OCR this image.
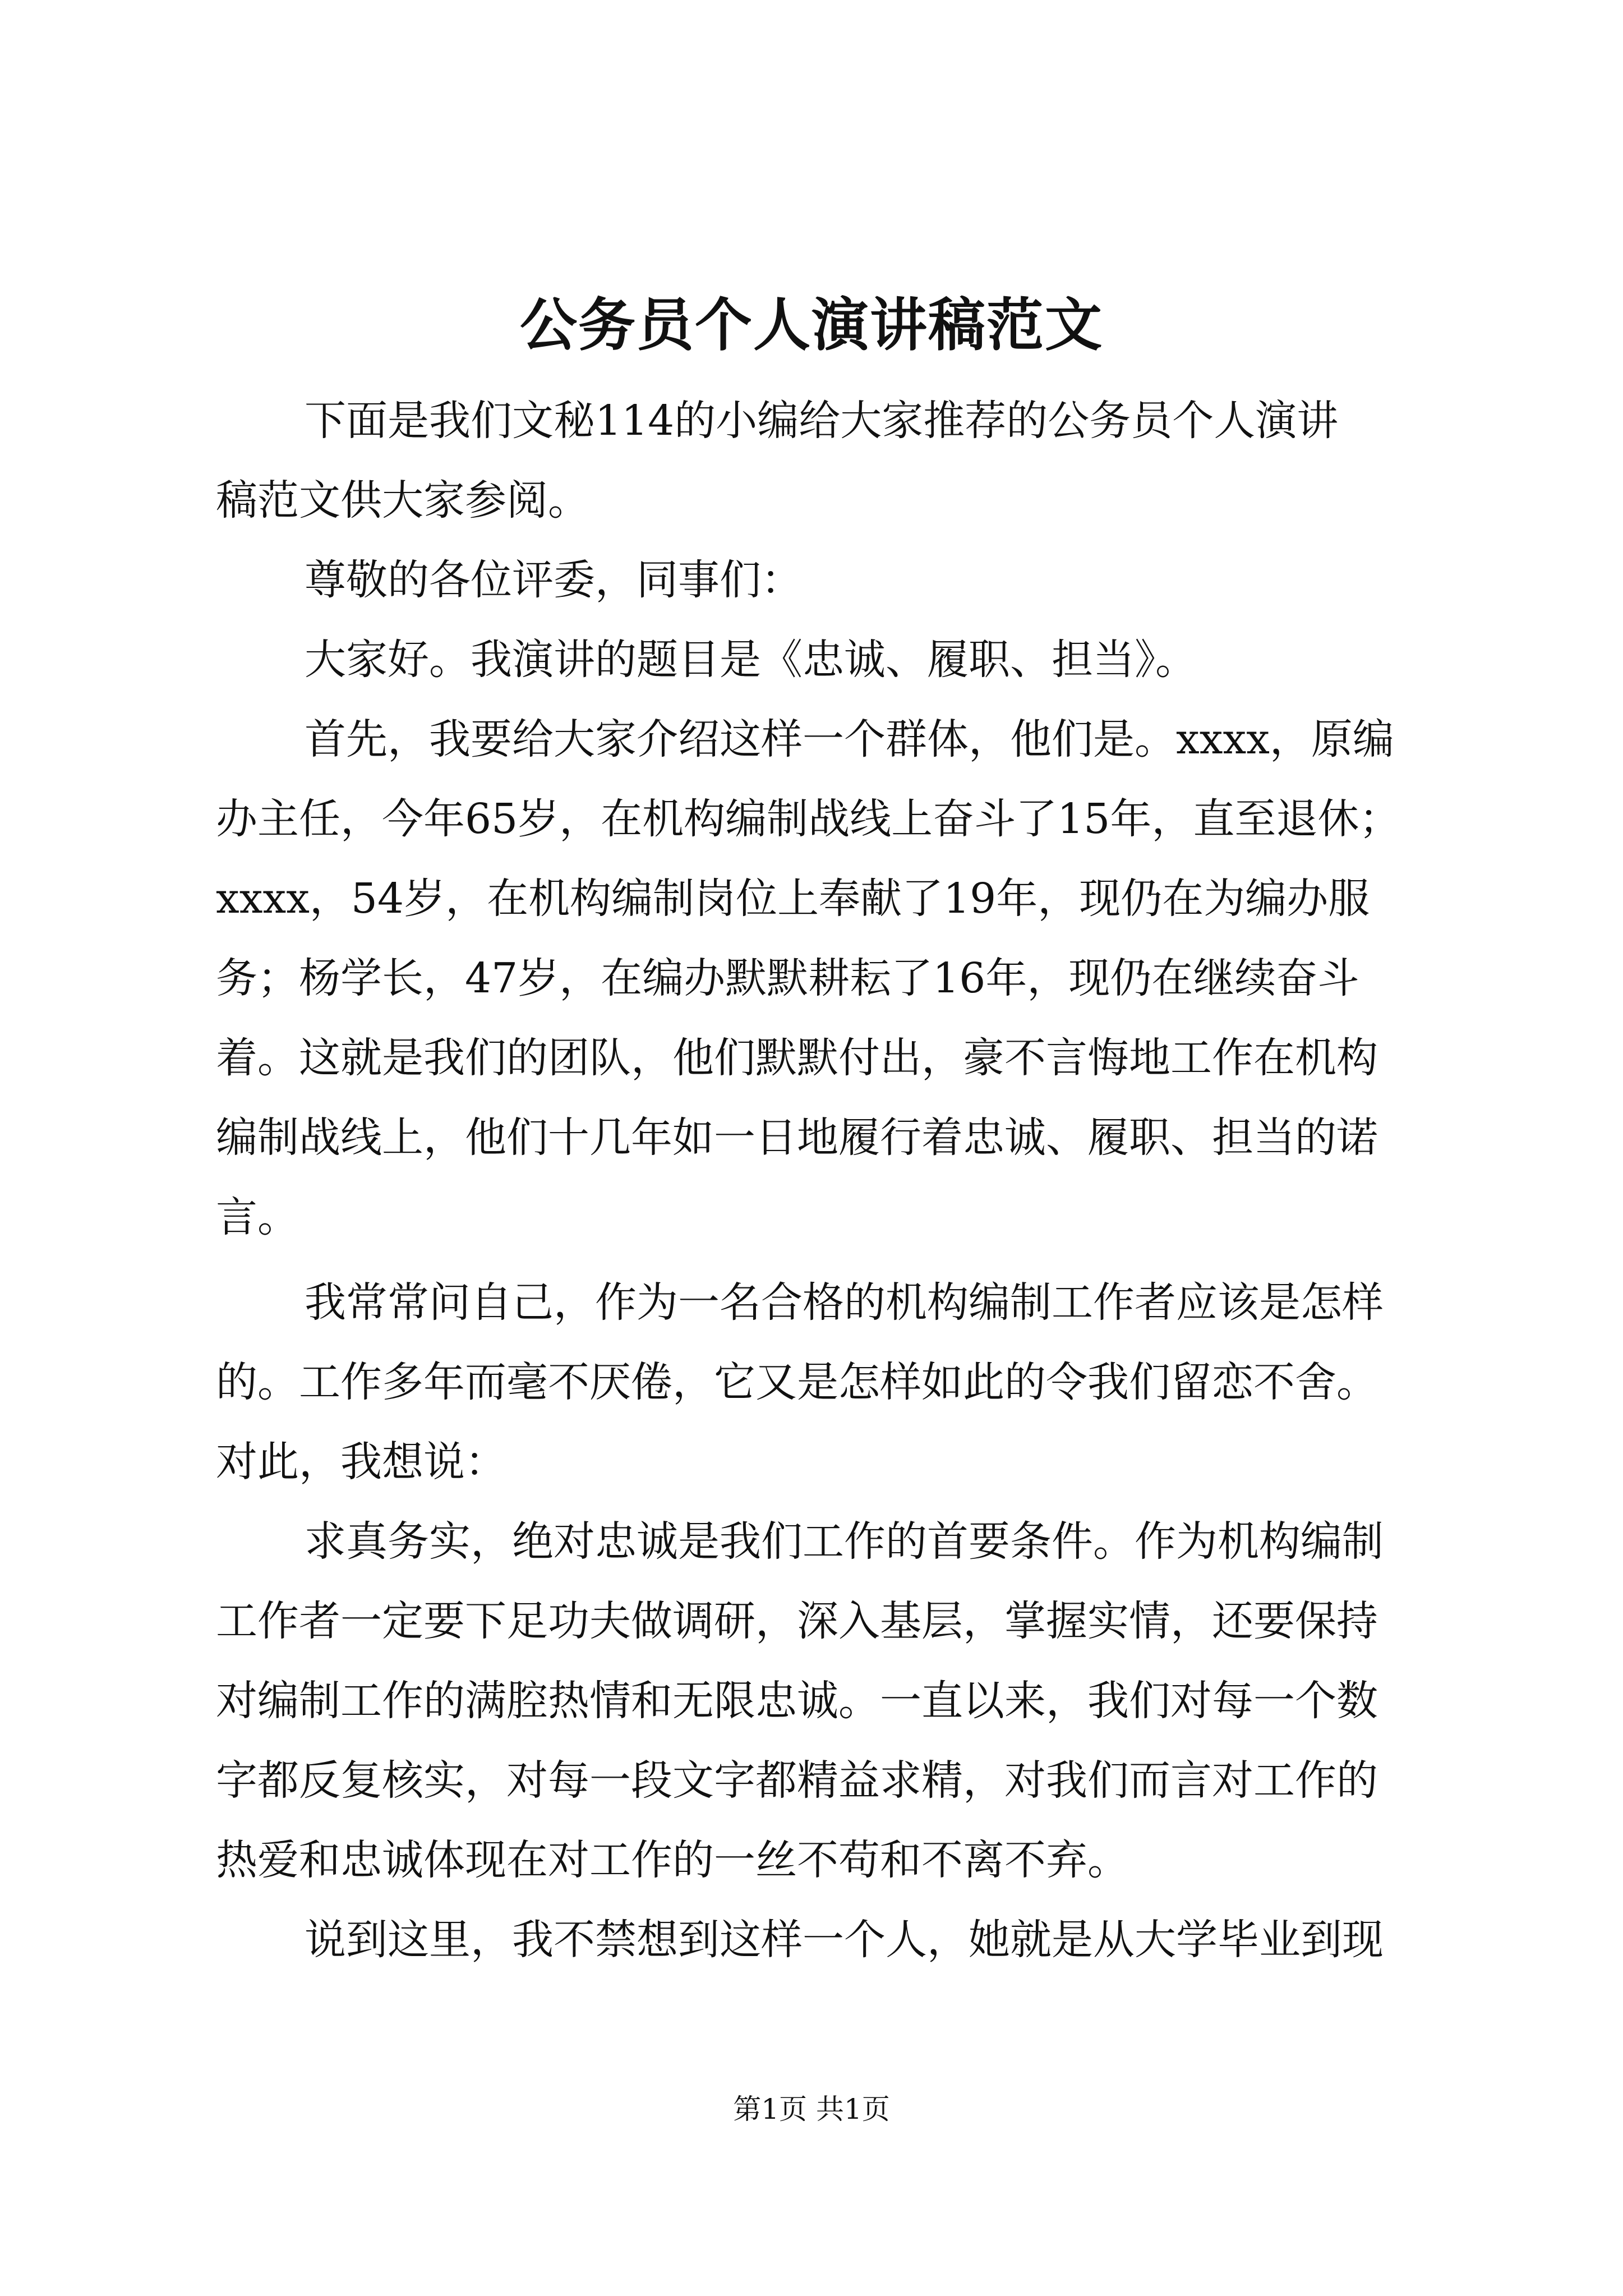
公务员个人演讲稿范文

下面是我们文秘114的小编给大家推荐的公务员个人演讲

稿范文供大家参阅。

尊敬的各位评委，同事们：

大家好。我演讲的题目是《忠诚、履职、担当》。

首先，我要给大家介绍这样一个群体，他们是。xxxx，原编

办主任，今年65岁，在机构编制战线上奋斗了15年，直至退休；

xxxx，54岁，在机构编制岗位上奉献了19年，现仍在为编办服

务；杨学长，47岁，在编办默默耕耘了16年，现仍在继续奋斗

着。这就是我们的团队，他们默默付出，豪不言悔地工作在机构

编制战线上，他们十几年如一日地履行着忠诚、履职、担当的诺

言。

我常常问自己，作为一名合格的机构编制工作者应该是怎样

的。工作多年而毫不厌倦，它又是怎样如此的令我们留恋不舍。

对此，我想说：

求真务实，绝对忠诚是我们工作的首要条件。作为机构编制

工作者一定要下足功夫做调研，深入基层，掌握实情，还要保持

对编制工作的满腔热情和无限忠诚。一直以来，我们对每一个数

字都反复核实，对每一段文字都精益求精，对我们而言对工作的

热爱和忠诚体现在对工作的一丝不苟和不离不弃。

说到这里，我不禁想到这样一个人，她就是从大学毕业到现

第1页 共1页
